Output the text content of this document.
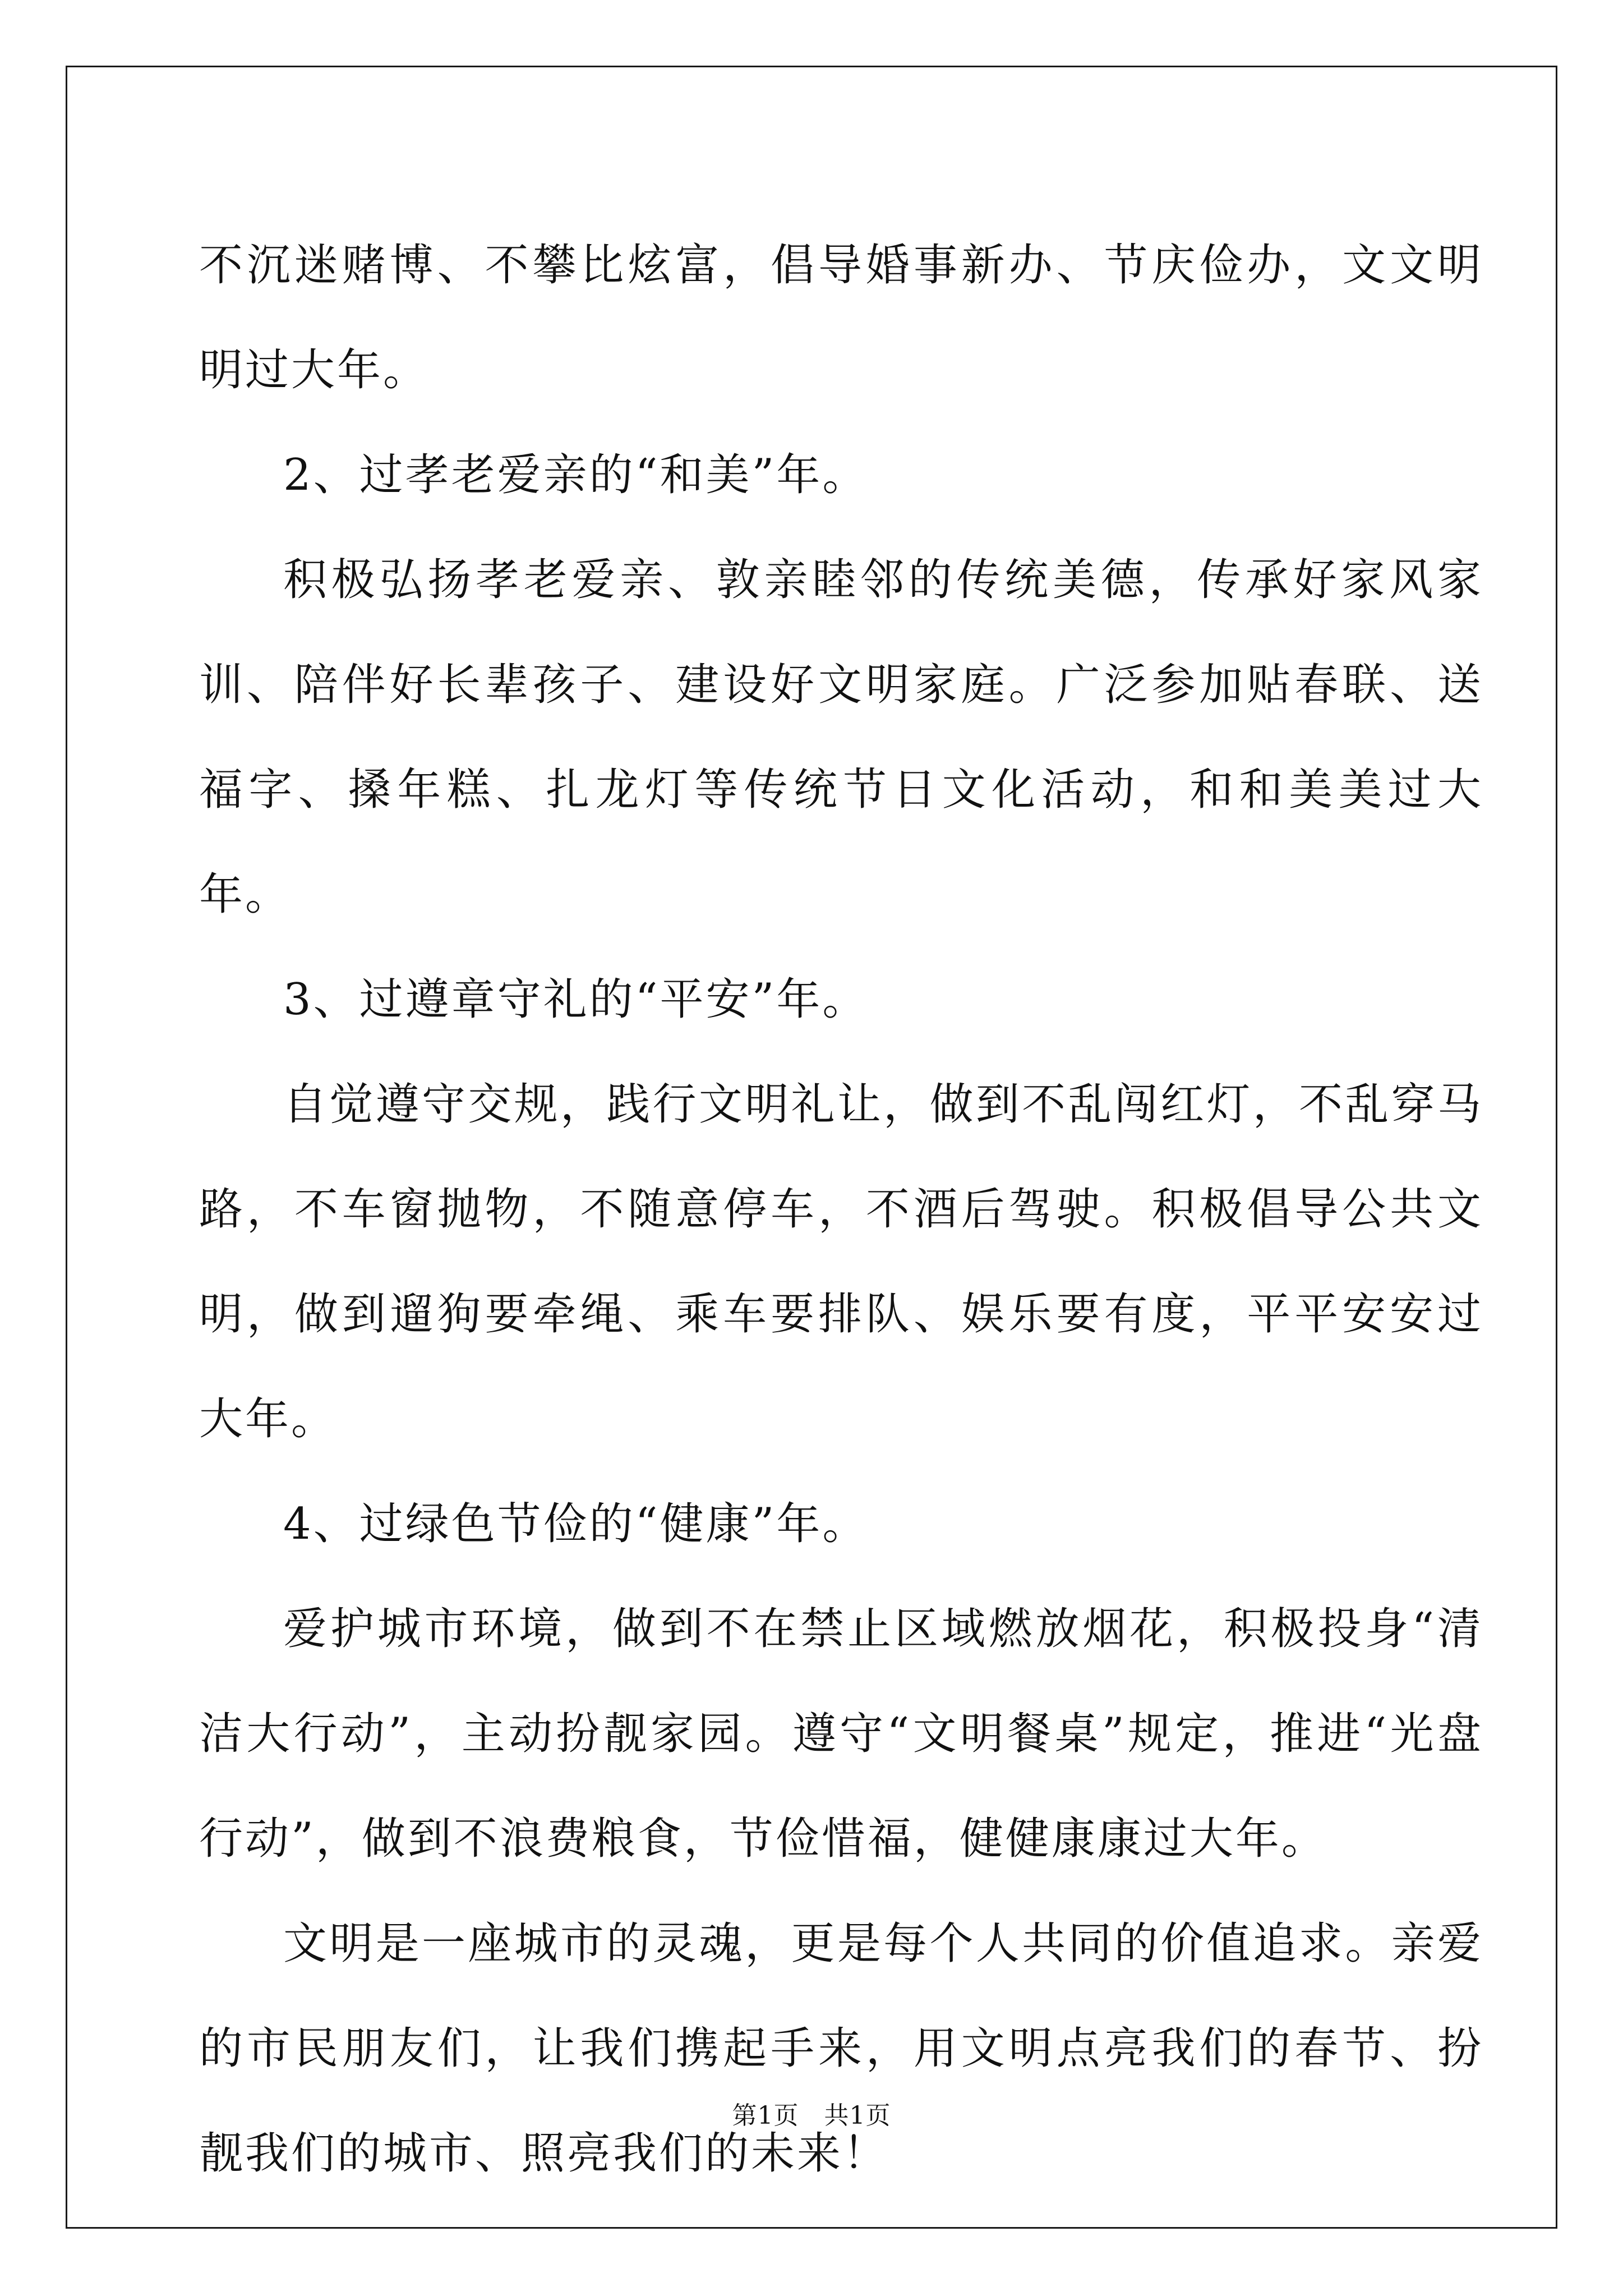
不沉迷赌博、不攀比炫富，倡导婚事新办、节庆俭办，文文明明过大年。

2、过孝老爱亲的“和美”年。

积极弘扬孝老爱亲、敦亲睦邻的传统美德，传承好家风家训、陪伴好长辈孩子、建设好文明家庭。广泛参加贴春联、送福字、搡年糕、扎龙灯等传统节日文化活动，和和美美过大年。

3、过遵章守礼的“平安”年。

自觉遵守交规，践行文明礼让，做到不乱闯红灯，不乱穿马路，不车窗抛物，不随意停车，不酒后驾驶。积极倡导公共文明，做到遛狗要牵绳、乘车要排队、娱乐要有度，平平安安过大年。

4、过绿色节俭的“健康”年。

爱护城市环境，做到不在禁止区域燃放烟花，积极投身“清洁大行动”，主动扮靓家园。遵守“文明餐桌”规定，推进“光盘行动”，做到不浪费粮食，节俭惜福，健健康康过大年。

文明是一座城市的灵魂，更是每个人共同的价值追求。亲爱的市民朋友们，让我们携起手来，用文明点亮我们的春节、扮靓我们的城市、照亮我们的未来！

第1页　共1页
